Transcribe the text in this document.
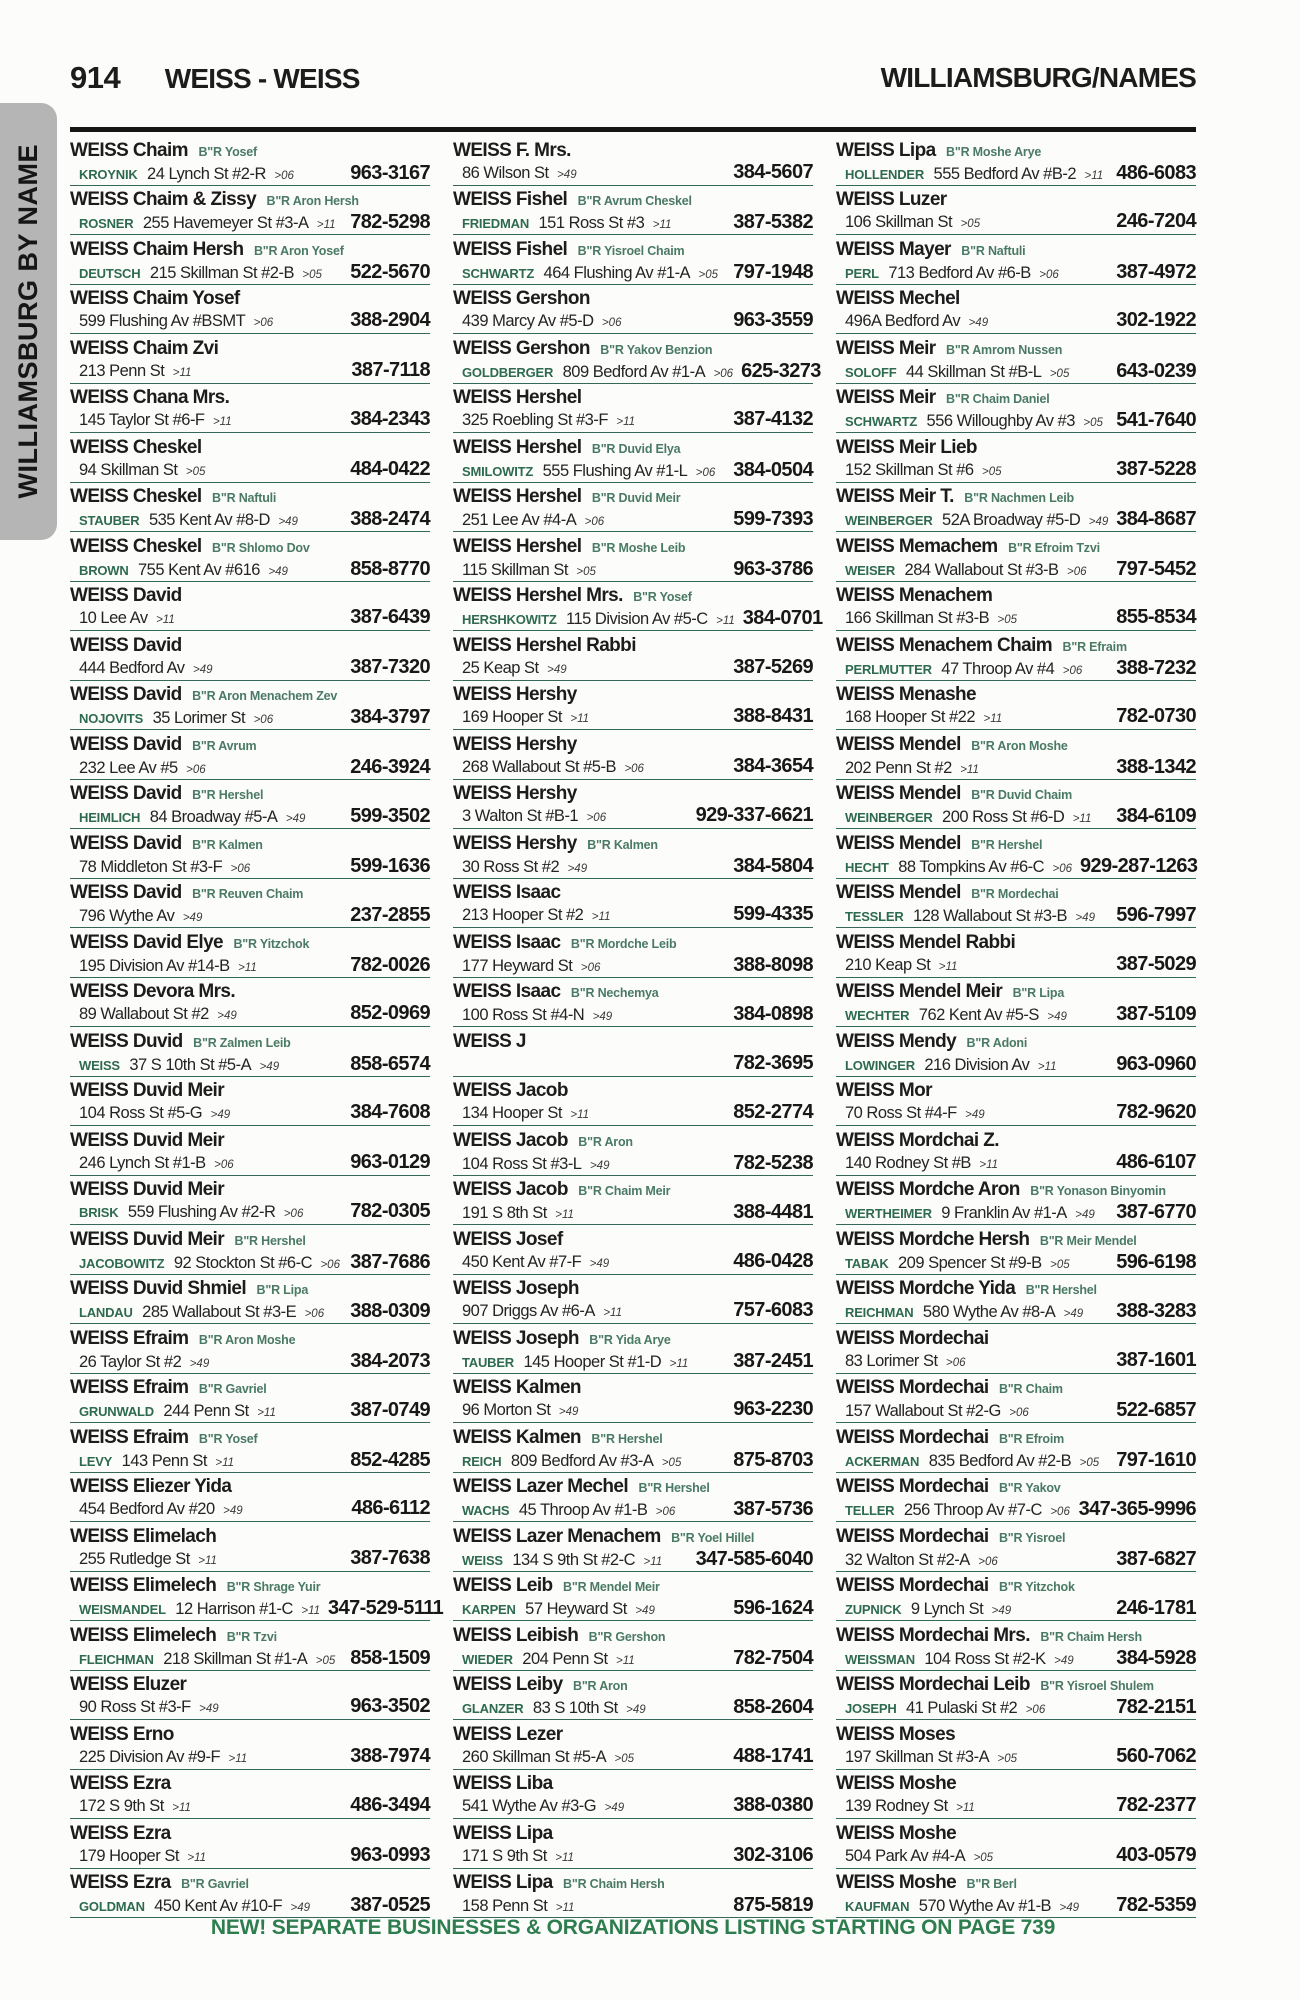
WILLIAMSBURG BY NAME
914 WEISS - WEISS	WILLIAMSBURG/NAMES
WEISS Chaim B"R Yosef
KROYNIK 24 Lynch St #2-R >06	963-3167
WEISS Chaim & Zissy B"R Aron Hersh
ROSNER 255 Havemeyer St #3-A >11 782-5298
WEISS Chaim Hersh B"R Aron Yosef
DEUTSCH 215 Skillman St #2-B >05 522-5670
WEISS Chaim Yosef
599 Flushing Av #BSMT >06	388-2904
WEISS Chaim Zvi
213 Penn St >11	387-7118
WEISS Chana Mrs.
145 Taylor St #6-F >11	384-2343
WEISS Cheskel
94 Skillman St >05	484-0422
WEISS Cheskel B"R Naftuli
STAUBER 535 Kent Av #8-D >49	388-2474
WEISS Cheskel B"R Shlomo Dov
BROWN 755 Kent Av #616 >49	858-8770
WEISS David
10 Lee Av >11	387-6439
WEISS David
444 Bedford Av >49	387-7320
WEISS David B"R Aron Menachem Zev
NOJOVITS 35 Lorimer St >06	384-3797
WEISS David B"R Avrum
232 Lee Av #5 >06	246-3924
WEISS David B"R Hershel
HEIMLICH 84 Broadway #5-A >49 599-3502
WEISS David B"R Kalmen
78 Middleton St #3-F >06	599-1636
WEISS David B"R Reuven Chaim
796 Wythe Av >49	237-2855
WEISS David Elye B"R Yitzchok
195 Division Av #14-B >11	782-0026
WEISS Devora Mrs.
89 Wallabout St #2 >49	852-0969
WEISS Duvid B"R Zalmen Leib
WEISS 37 S 10th St #5-A >49	858-6574
WEISS Duvid Meir
104 Ross St #5-G >49	384-7608
WEISS Duvid Meir
246 Lynch St #1-B >06	963-0129
WEISS Duvid Meir
BRISK 559 Flushing Av #2-R >06 782-0305
WEISS Duvid Meir B"R Hershel
JACOBOWITZ 92 Stockton St #6-C >06 387-7686
WEISS Duvid Shmiel B"R Lipa
LANDAU 285 Wallabout St #3-E >06 388-0309
WEISS Efraim B"R Aron Moshe
26 Taylor St #2 >49	384-2073
WEISS Efraim B"R Gavriel
GRUNWALD 244 Penn St >11	387-0749
WEISS Efraim B"R Yosef
LEVY 143 Penn St >11	852-4285
WEISS Eliezer Yida
454 Bedford Av #20 >49	486-6112
WEISS Elimelach
255 Rutledge St >11	387-7638
WEISS Elimelech B"R Shrage Yuir
WEISMANDEL 12 Harrison #1-C >11 347-529-5111
WEISS Elimelech B"R Tzvi
FLEICHMAN 218 Skillman St #1-A >05 858-1509
WEISS Eluzer
90 Ross St #3-F >49	963-3502
WEISS Erno
225 Division Av #9-F >11	388-7974
WEISS Ezra
172 S 9th St >11	486-3494
WEISS Ezra
179 Hooper St >11	963-0993
WEISS Ezra B"R Gavriel
GOLDMAN 450 Kent Av #10-F >49 387-0525
WEISS F. Mrs.
86 Wilson St >49	384-5607
WEISS Fishel B"R Avrum Cheskel
FRIEDMAN 151 Ross St #3 >11	387-5382
WEISS Fishel B"R Yisroel Chaim
SCHWARTZ 464 Flushing Av #1-A >05 797-1948
WEISS Gershon
439 Marcy Av #5-D >06	963-3559
WEISS Gershon B"R Yakov Benzion
GOLDBERGER 809 Bedford Av #1-A >06 625-3273
WEISS Hershel
325 Roebling St #3-F >11	387-4132
WEISS Hershel B"R Duvid Elya
SMILOWITZ 555 Flushing Av #1-L >06 384-0504
WEISS Hershel B"R Duvid Meir
251 Lee Av #4-A >06	599-7393
WEISS Hershel B"R Moshe Leib
115 Skillman St >05	963-3786
WEISS Hershel Mrs. B"R Yosef
HERSHKOWITZ 115 Division Av #5-C >11 384-0701
WEISS Hershel Rabbi
25 Keap St >49	387-5269
WEISS Hershy
169 Hooper St >11	388-8431
WEISS Hershy
268 Wallabout St #5-B >06	384-3654
WEISS Hershy
3 Walton St #B-1 >06	929-337-6621
WEISS Hershy B"R Kalmen
30 Ross St #2 >49	384-5804
WEISS Isaac
213 Hooper St #2 >11	599-4335
WEISS Isaac B"R Mordche Leib
177 Heyward St >06	388-8098
WEISS Isaac B"R Nechemya
100 Ross St #4-N >49	384-0898
WEISS J
782-3695
WEISS Jacob
134 Hooper St >11	852-2774
WEISS Jacob B"R Aron
104 Ross St #3-L >49	782-5238
WEISS Jacob B"R Chaim Meir
191 S 8th St >11	388-4481
WEISS Josef
450 Kent Av #7-F >49	486-0428
WEISS Joseph
907 Driggs Av #6-A >11	757-6083
WEISS Joseph B"R Yida Arye
TAUBER 145 Hooper St #1-D >11 387-2451
WEISS Kalmen
96 Morton St >49	963-2230
WEISS Kalmen B"R Hershel
REICH 809 Bedford Av #3-A >05	875-8703
WEISS Lazer Mechel B"R Hershel
WACHS 45 Throop Av #1-B >06	387-5736
WEISS Lazer Menachem B"R Yoel Hillel
WEISS 134 S 9th St #2-C >11 347-585-6040
WEISS Leib B"R Mendel Meir
KARPEN 57 Heyward St >49	596-1624
WEISS Leibish B"R Gershon
WIEDER 204 Penn St >11	782-7504
WEISS Leiby B"R Aron
GLANZER 83 S 10th St >49	858-2604
WEISS Lezer
260 Skillman St #5-A >05	488-1741
WEISS Liba
541 Wythe Av #3-G >49	388-0380
WEISS Lipa
171 S 9th St >11	302-3106
WEISS Lipa B"R Chaim Hersh
158 Penn St >11	875-5819
WEISS Lipa B"R Moshe Arye
HOLLENDER 555 Bedford Av #B-2 >11 486-6083
WEISS Luzer
106 Skillman St >05	246-7204
WEISS Mayer B"R Naftuli
PERL 713 Bedford Av #6-B >06	387-4972
WEISS Mechel
496A Bedford Av >49	302-1922
WEISS Meir B"R Amrom Nussen
SOLOFF 44 Skillman St #B-L >05 643-0239
WEISS Meir B"R Chaim Daniel
SCHWARTZ 556 Willoughby Av #3 >05 541-7640
WEISS Meir Lieb
152 Skillman St #6 >05	387-5228
WEISS Meir T. B"R Nachmen Leib
WEINBERGER 52A Broadway #5-D >49 384-8687
WEISS Memachem B"R Efroim Tzvi
WEISER 284 Wallabout St #3-B >06 797-5452
WEISS Menachem
166 Skillman St #3-B >05	855-8534
WEISS Menachem Chaim B"R Efraim
PERLMUTTER 47 Throop Av #4 >06 388-7232
WEISS Menashe
168 Hooper St #22 >11	782-0730
WEISS Mendel B"R Aron Moshe
202 Penn St #2 >11	388-1342
WEISS Mendel B"R Duvid Chaim
WEINBERGER 200 Ross St #6-D >11 384-6109
WEISS Mendel B"R Hershel
HECHT 88 Tompkins Av #6-C >06 929-287-1263
WEISS Mendel B"R Mordechai
TESSLER 128 Wallabout St #3-B >49 596-7997
WEISS Mendel Rabbi
210 Keap St >11	387-5029
WEISS Mendel Meir B"R Lipa
WECHTER 762 Kent Av #5-S >49 387-5109
WEISS Mendy B"R Adoni
LOWINGER 216 Division Av >11	963-0960
WEISS Mor
70 Ross St #4-F >49	782-9620
WEISS Mordchai Z.
140 Rodney St #B >11	486-6107
WEISS Mordche Aron B"R Yonason Binyomin
WERTHEIMER 9 Franklin Av #1-A >49 387-6770
WEISS Mordche Hersh B"R Meir Mendel
TABAK 209 Spencer St #9-B >05 596-6198
WEISS Mordche Yida B"R Hershel
REICHMAN 580 Wythe Av #8-A >49 388-3283
WEISS Mordechai
83 Lorimer St >06	387-1601
WEISS Mordechai B"R Chaim
157 Wallabout St #2-G >06	522-6857
WEISS Mordechai B"R Efroim
ACKERMAN 835 Bedford Av #2-B >05 797-1610
WEISS Mordechai B"R Yakov
TELLER 256 Throop Av #7-C >06 347-365-9996
WEISS Mordechai B"R Yisroel
32 Walton St #2-A >06	387-6827
WEISS Mordechai B"R Yitzchok
ZUPNICK 9 Lynch St >49	246-1781
WEISS Mordechai Mrs. B"R Chaim Hersh
WEISSMAN 104 Ross St #2-K >49 384-5928
WEISS Mordechai Leib B"R Yisroel Shulem
JOSEPH 41 Pulaski St #2 >06	782-2151
WEISS Moses
197 Skillman St #3-A >05	560-7062
WEISS Moshe
139 Rodney St >11	782-2377
WEISS Moshe
504 Park Av #4-A >05	403-0579
WEISS Moshe B"R Berl
KAUFMAN 570 Wythe Av #1-B >49 782-5359
NEW! SEPARATE BUSINESSES & ORGANIZATIONS LISTING STARTING ON PAGE 739
